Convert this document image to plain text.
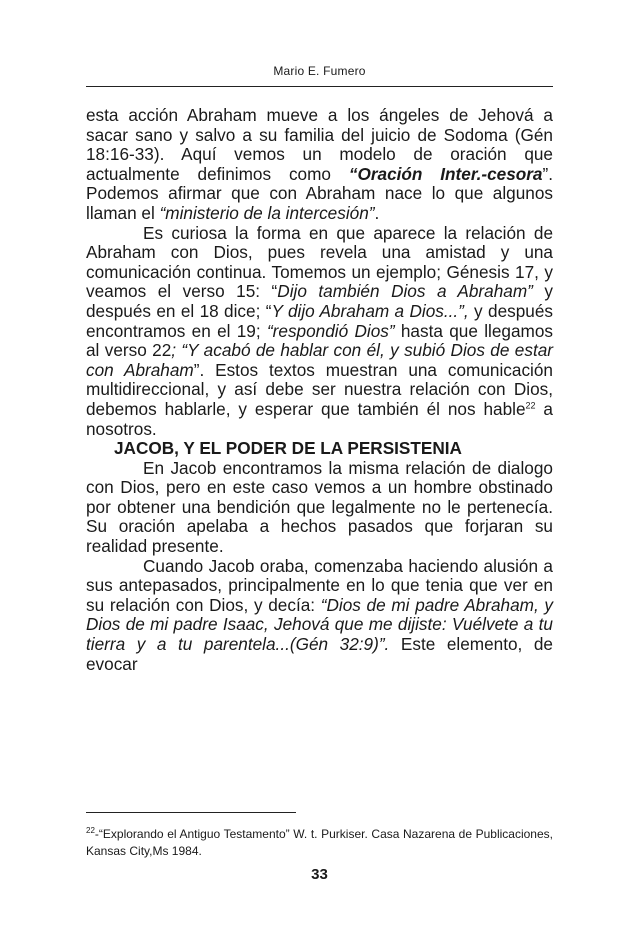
Mario E. Fumero

esta acción Abraham mueve a los ángeles de Jehová a sacar sano y salvo a su familia del juicio de Sodoma (Gén 18:16-33). Aquí vemos un modelo de oración que actualmente definimos como “Oración Inter.-cesora”. Podemos afirmar que con Abraham nace lo que algunos llaman el “ministerio de la intercesión”.

Es curiosa la forma en que aparece la relación de Abraham con Dios, pues revela una amistad y una comunicación continua. Tomemos un ejemplo; Génesis 17, y veamos el verso 15: “Dijo también Dios a Abraham” y después en el 18 dice; “Y dijo Abraham a Dios...”, y después encontramos en el 19; “respondió Dios” hasta que llegamos al verso 22; “Y acabó de hablar con él, y subió Dios de estar con Abraham”. Estos textos muestran una comunicación multidireccional, y así debe ser nuestra relación con Dios, debemos hablarle, y esperar que también él nos hable$^{22}$ a nosotros.

JACOB, Y EL PODER DE LA PERSISTENIA

En Jacob encontramos la misma relación de dialogo con Dios, pero en este caso vemos a un hombre obstinado por obtener una bendición que legalmente no le pertenecía. Su oración apelaba a hechos pasados que forjaran su realidad presente.

Cuando Jacob oraba, comenzaba haciendo alusión a sus antepasados, principalmente en lo que tenia que ver en su relación con Dios, y decía: “Dios de mi padre Abraham, y Dios de mi padre Isaac, Jehová que me dijiste: Vuélvete a tu tierra y a tu parentela...(Gén 32:9)”. Este elemento, de evocar

$^{22}$-“Explorando el Antiguo Testamento” W. t. Purkiser. Casa Nazarena de Publicaciones, Kansas City,Ms 1984.
33
